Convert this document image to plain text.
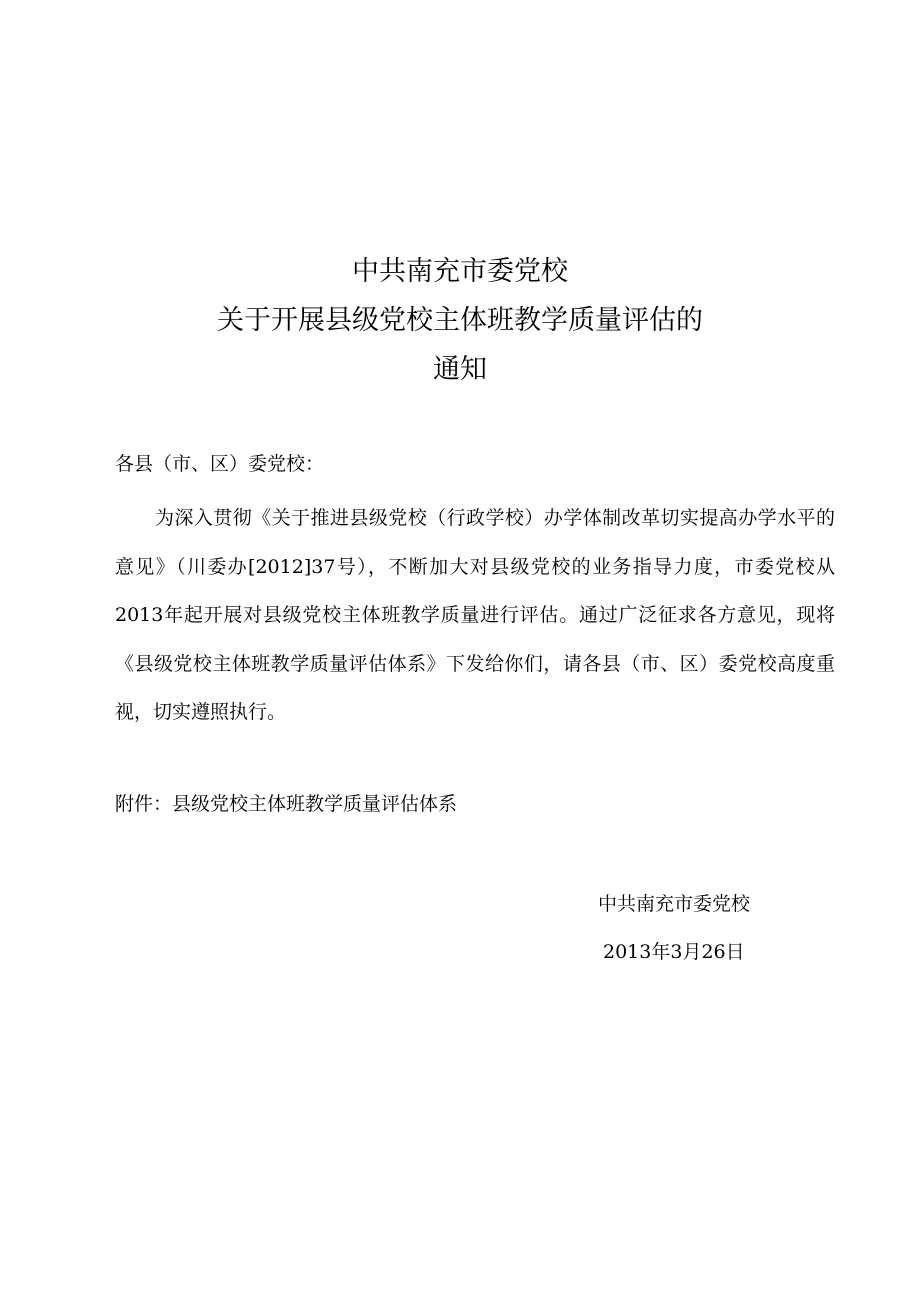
中共南充市委党校
关于开展县级党校主体班教学质量评估的
通知

各县（市、区）委党校：

为深入贯彻《关于推进县级党校（行政学校）办学体制改革切实提高办学水平的意见》（川委办[2012]37号），不断加大对县级党校的业务指导力度，市委党校从2013年起开展对县级党校主体班教学质量进行评估。通过广泛征求各方意见，现将《县级党校主体班教学质量评估体系》下发给你们，请各县（市、区）委党校高度重视，切实遵照执行。

附件：县级党校主体班教学质量评估体系

中共南充市委党校

2013年3月26日
